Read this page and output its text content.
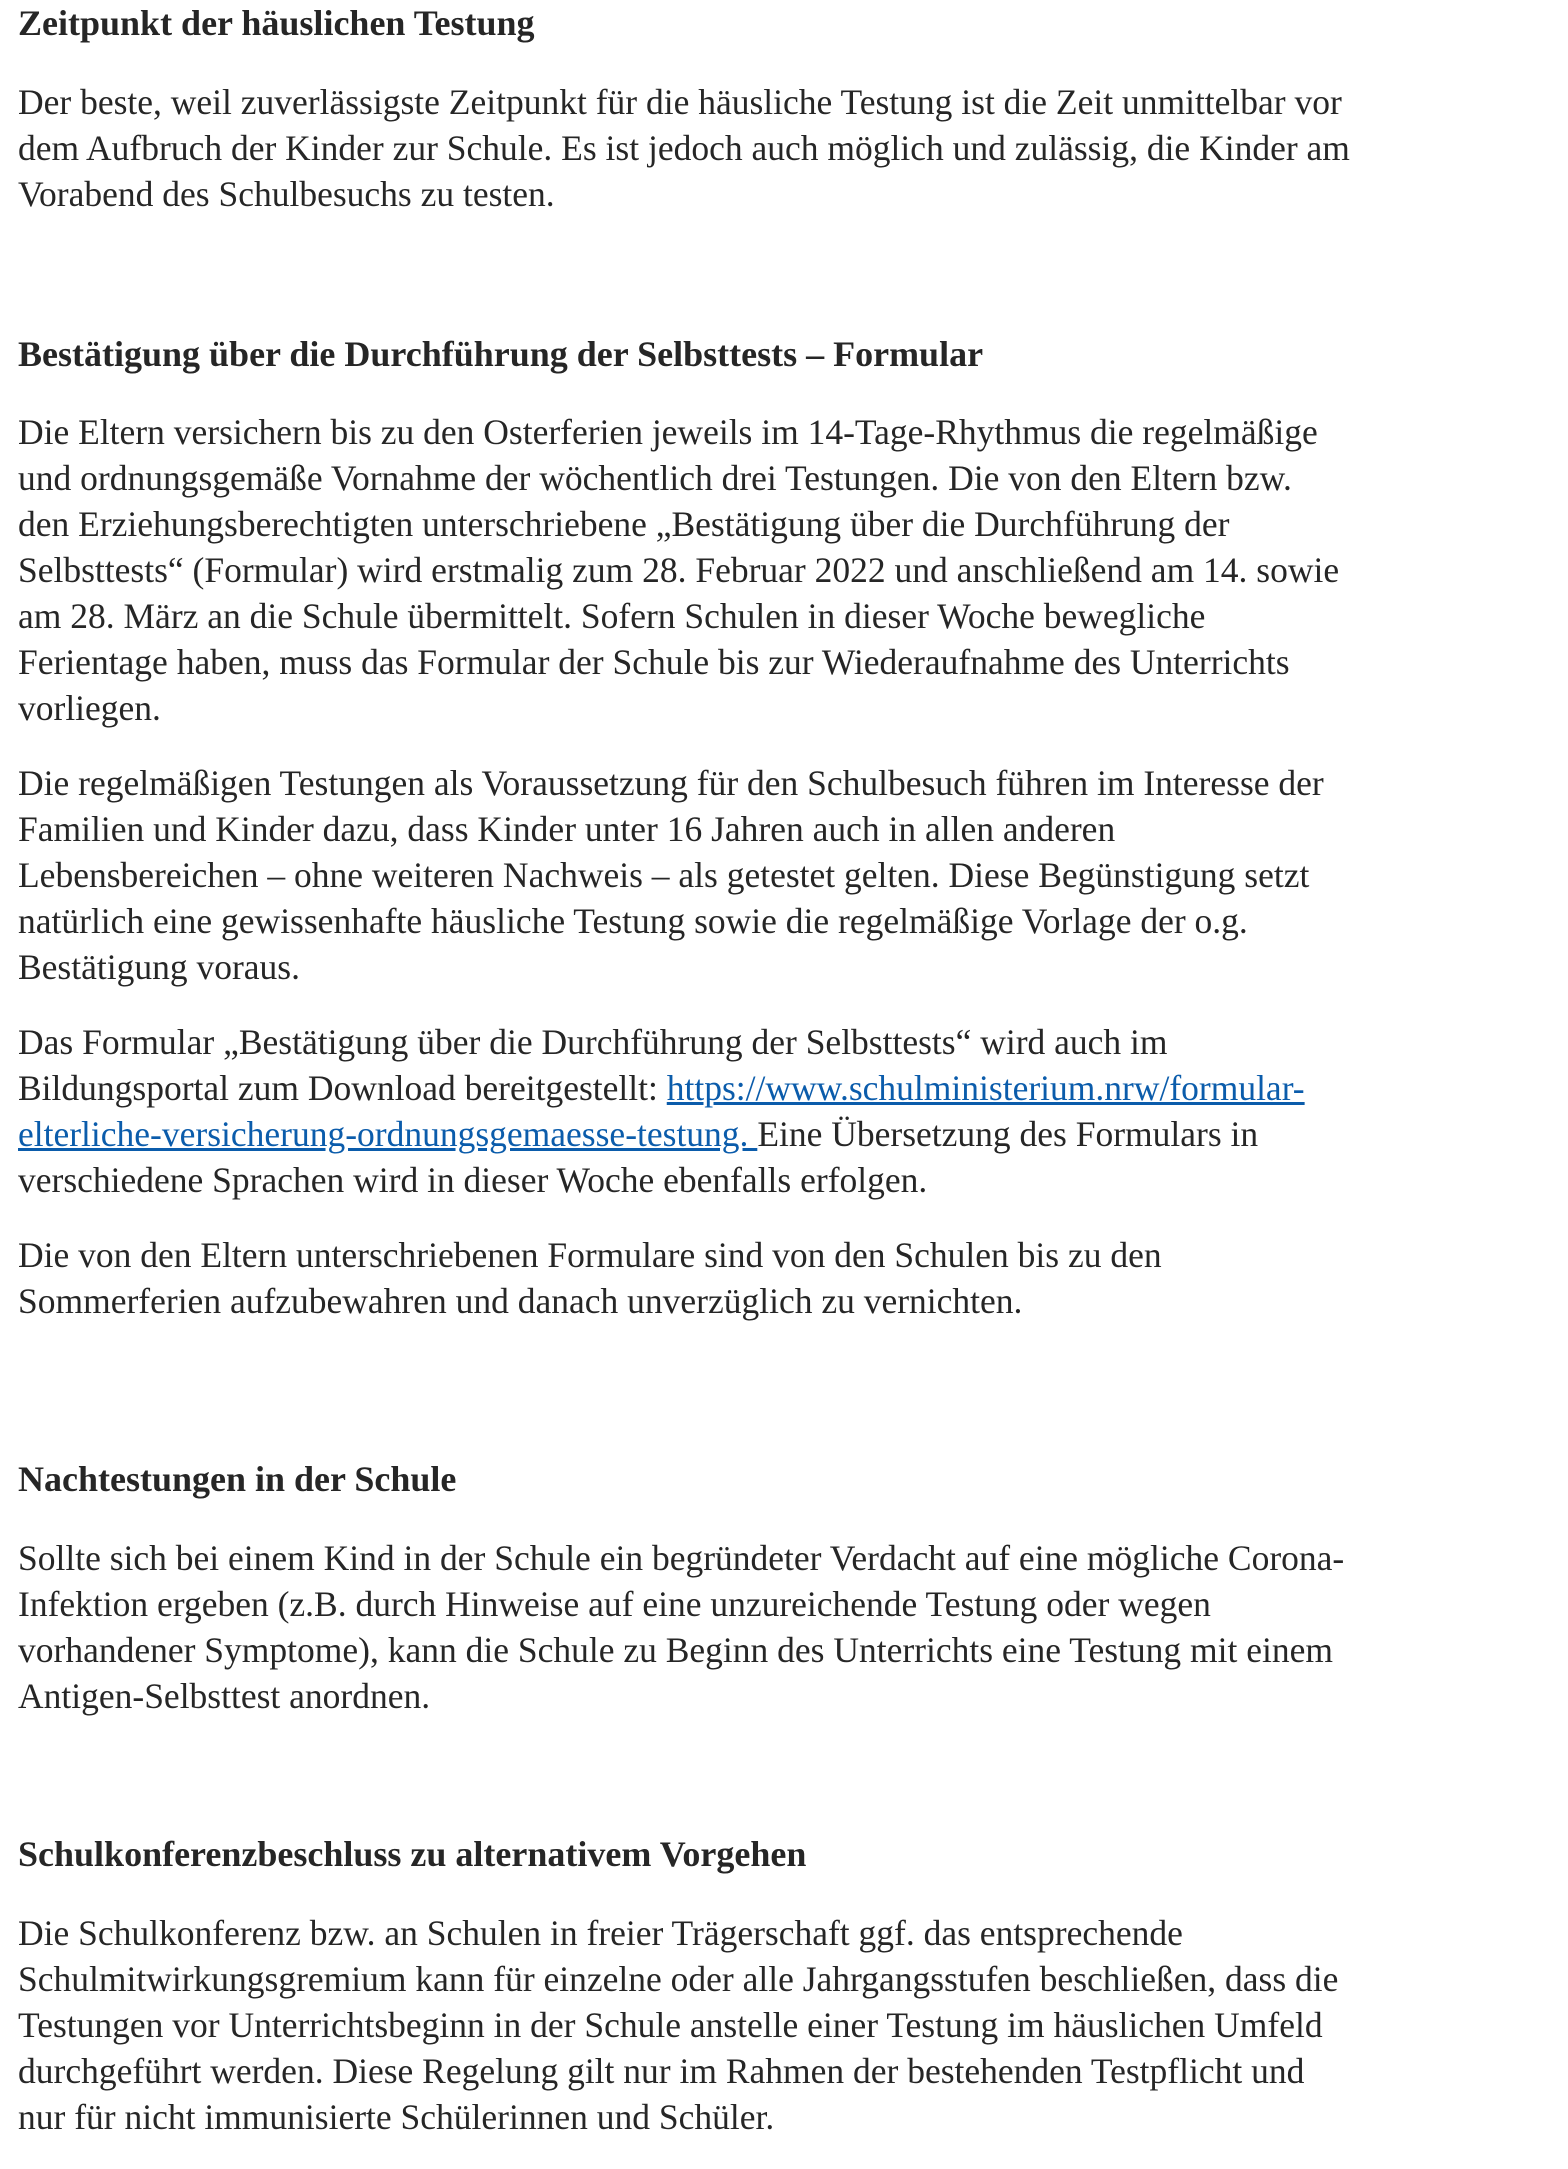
Zeitpunkt der häuslichen Testung

Der beste, weil zuverlässigste Zeitpunkt für die häusliche Testung ist die Zeit unmittelbar vor
dem Aufbruch der Kinder zur Schule. Es ist jedoch auch möglich und zulässig, die Kinder am
Vorabend des Schulbesuchs zu testen.

Bestätigung über die Durchführung der Selbsttests – Formular

Die Eltern versichern bis zu den Osterferien jeweils im 14-Tage-Rhythmus die regelmäßige
und ordnungsgemäße Vornahme der wöchentlich drei Testungen. Die von den Eltern bzw.
den Erziehungsberechtigten unterschriebene „Bestätigung über die Durchführung der
Selbsttests“ (Formular) wird erstmalig zum 28. Februar 2022 und anschließend am 14. sowie
am 28. März an die Schule übermittelt. Sofern Schulen in dieser Woche bewegliche
Ferientage haben, muss das Formular der Schule bis zur Wiederaufnahme des Unterrichts
vorliegen.

Die regelmäßigen Testungen als Voraussetzung für den Schulbesuch führen im Interesse der
Familien und Kinder dazu, dass Kinder unter 16 Jahren auch in allen anderen
Lebensbereichen – ohne weiteren Nachweis – als getestet gelten. Diese Begünstigung setzt
natürlich eine gewissenhafte häusliche Testung sowie die regelmäßige Vorlage der o.g.
Bestätigung voraus.

Das Formular „Bestätigung über die Durchführung der Selbsttests“ wird auch im
Bildungsportal zum Download bereitgestellt: https://www.schulministerium.nrw/formular-
elterliche-versicherung-ordnungsgemaesse-testung. Eine Übersetzung des Formulars in
verschiedene Sprachen wird in dieser Woche ebenfalls erfolgen.

Die von den Eltern unterschriebenen Formulare sind von den Schulen bis zu den
Sommerferien aufzubewahren und danach unverzüglich zu vernichten.

Nachtestungen in der Schule

Sollte sich bei einem Kind in der Schule ein begründeter Verdacht auf eine mögliche Corona-
Infektion ergeben (z.B. durch Hinweise auf eine unzureichende Testung oder wegen
vorhandener Symptome), kann die Schule zu Beginn des Unterrichts eine Testung mit einem
Antigen-Selbsttest anordnen.

Schulkonferenzbeschluss zu alternativem Vorgehen

Die Schulkonferenz bzw. an Schulen in freier Trägerschaft ggf. das entsprechende
Schulmitwirkungsgremium kann für einzelne oder alle Jahrgangsstufen beschließen, dass die
Testungen vor Unterrichtsbeginn in der Schule anstelle einer Testung im häuslichen Umfeld
durchgeführt werden. Diese Regelung gilt nur im Rahmen der bestehenden Testpflicht und
nur für nicht immunisierte Schülerinnen und Schüler.
